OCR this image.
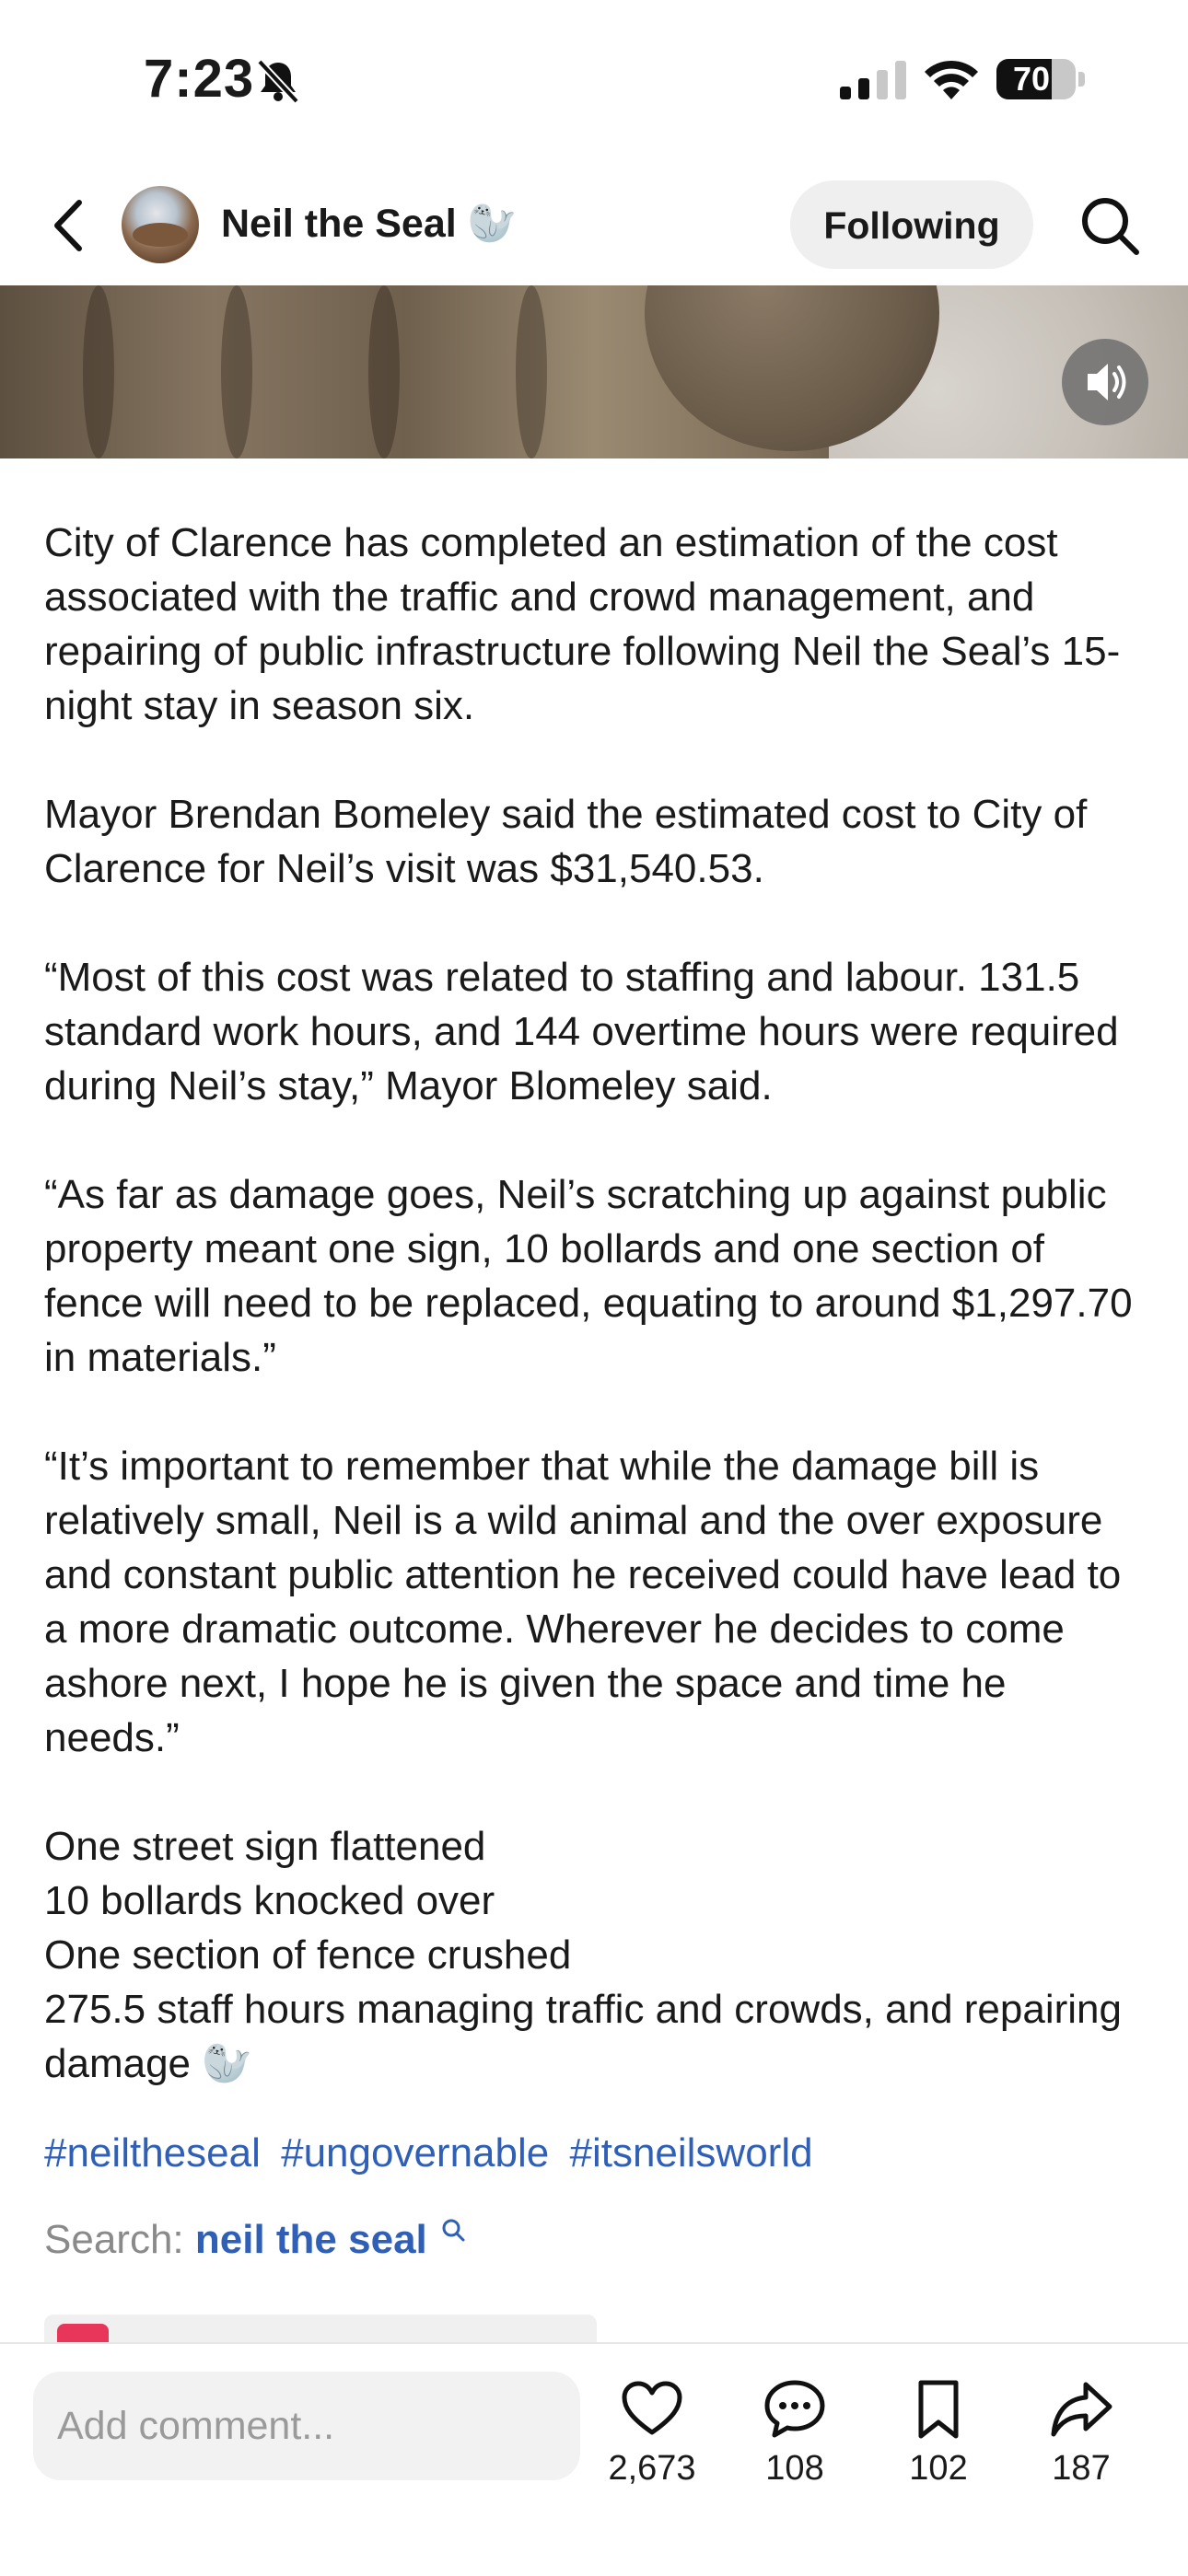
7:23	70
Neil the Seal 🦭	Following

City of Clarence has completed an estimation of the cost associated with the traffic and crowd management, and repairing of public infrastructure following Neil the Seal’s 15-night stay in season six.

Mayor Brendan Bomeley said the estimated cost to City of Clarence for Neil’s visit was $31,540.53.

“Most of this cost was related to staffing and labour. 131.5 standard work hours, and 144 overtime hours were required during Neil’s stay,” Mayor Blomeley said.

“As far as damage goes, Neil’s scratching up against public property meant one sign, 10 bollards and one section of fence will need to be replaced, equating to around $1,297.70 in materials.”

“It’s important to remember that while the damage bill is relatively small, Neil is a wild animal and the over exposure and constant public attention he received could have lead to a more dramatic outcome. Wherever he decides to come ashore next, I hope he is given the space and time he needs.”

One street sign flattened

10 bollards knocked over

One section of fence crushed

275.5 staff hours managing traffic and crowds, and repairing damage 🦭

#neiltheseal #ungovernable #itsneilsworld
Search: neil the seal
Add comment...
2,673	108	102	187
